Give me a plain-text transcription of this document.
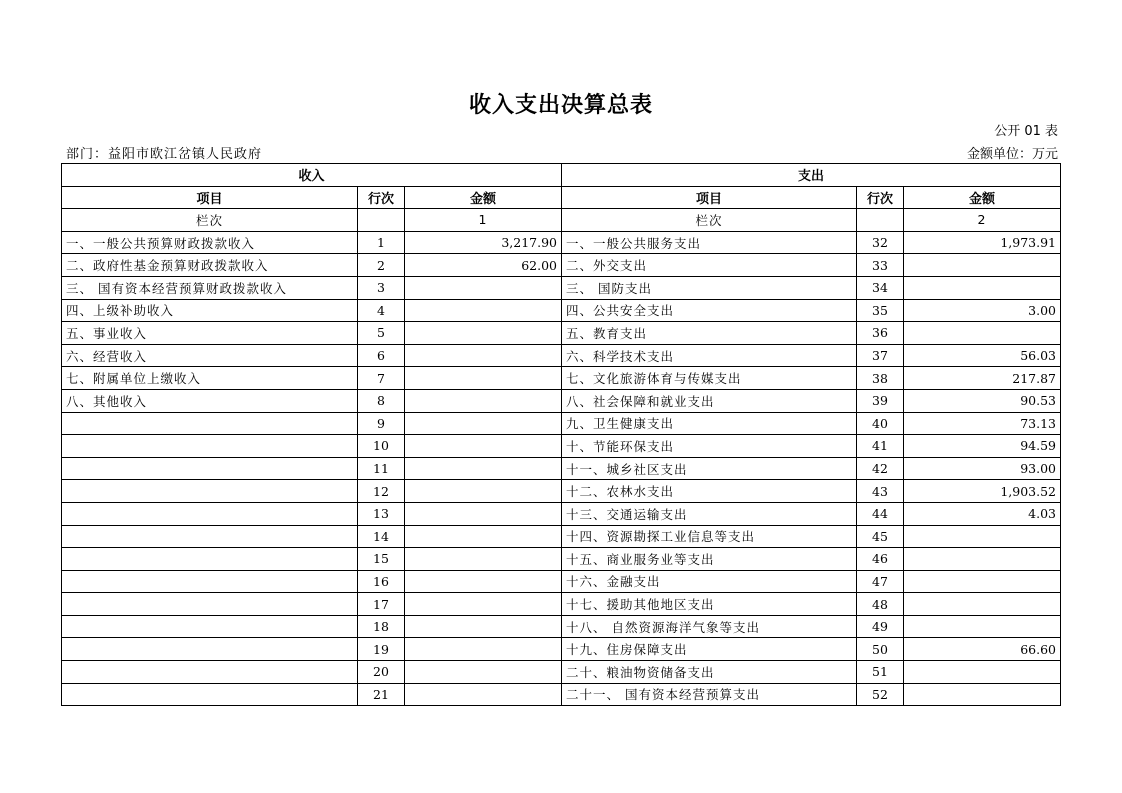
收入支出决算总表
公开 01 表
部门：益阳市欧江岔镇人民政府	金额单位：万元
收入			支出		
项目	行次	金额	项目	行次	金额
栏次		1	栏次		2
一、一般公共预算财政拨款收入	1	3,217.90	一、一般公共服务支出	32	1,973.91
二、政府性基金预算财政拨款收入	2	62.00	二、外交支出	33	
三、 国有资本经营预算财政拨款收入	3		三、 国防支出	34	
四、上级补助收入	4		四、公共安全支出	35	3.00
五、事业收入	5		五、教育支出	36	
六、经营收入	6		六、科学技术支出	37	56.03
七、附属单位上缴收入	7		七、文化旅游体育与传媒支出	38	217.87
八、其他收入	8		八、社会保障和就业支出	39	90.53
	9		九、卫生健康支出	40	73.13
	10		十、节能环保支出	41	94.59
	11		十一、城乡社区支出	42	93.00
	12		十二、农林水支出	43	1,903.52
	13		十三、交通运输支出	44	4.03
	14		十四、资源勘探工业信息等支出	45	
	15		十五、商业服务业等支出	46	
	16		十六、金融支出	47	
	17		十七、援助其他地区支出	48	
	18		十八、 自然资源海洋气象等支出	49	
	19		十九、住房保障支出	50	66.60
	20		二十、粮油物资储备支出	51	
	21		二十一、 国有资本经营预算支出	52	
